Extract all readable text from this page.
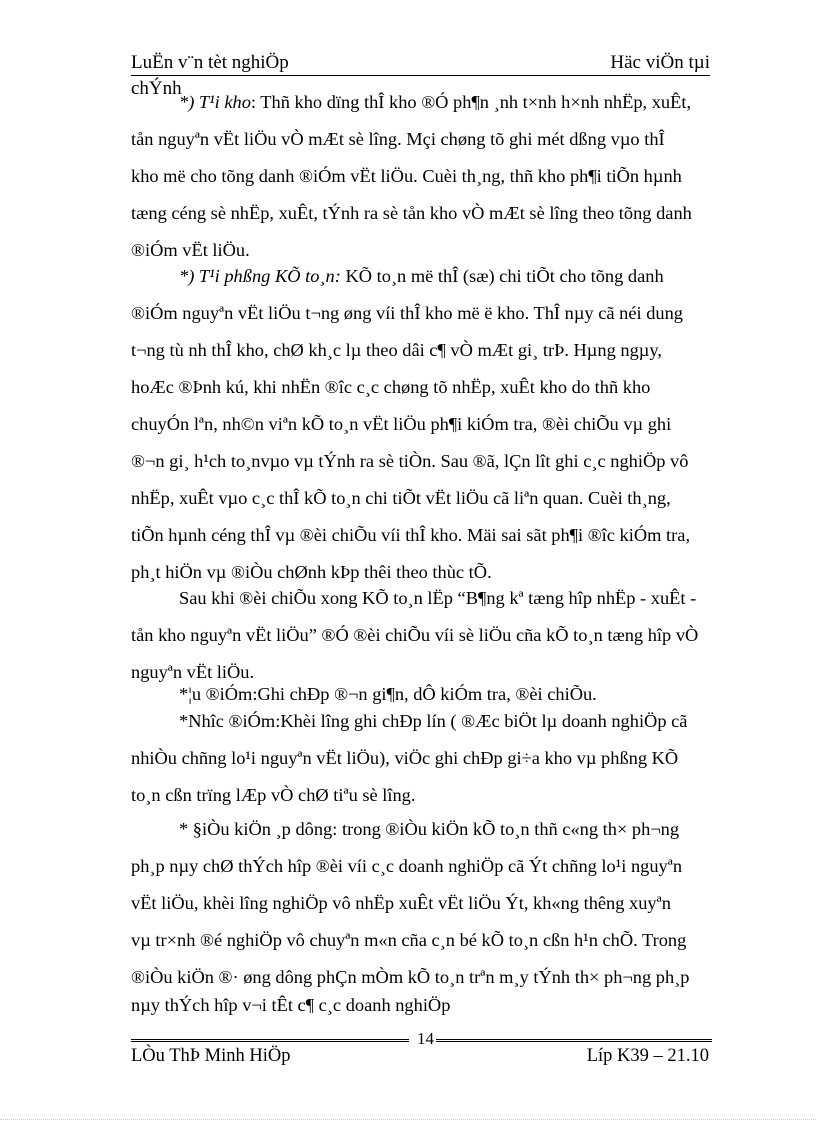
LuËn v¨n tèt nghiÖp	Häc viÖn tµi
chÝnh
*) T¹i kho: Thñ kho dïng thÎ kho ®Ó ph¶n ¸nh t×nh h×nh nhËp, xuÊt,
tån nguyªn vËt liÖu vÒ mÆt sè lîng. Mçi chøng tõ ghi mét dßng vµo thÎ
kho më cho tõng danh ®iÓm vËt liÖu. Cuèi th¸ng, thñ kho ph¶i tiÕn hµnh
tæng céng sè nhËp, xuÊt, tÝnh ra sè tån kho vÒ mÆt sè lîng theo tõng danh
®iÓm vËt liÖu.
*) T¹i phßng KÕ to¸n: KÕ to¸n më thÎ (sæ) chi tiÕt cho tõng danh
®iÓm nguyªn vËt liÖu t¬ng øng víi thÎ kho më ë kho. ThÎ nµy cã néi dung
t¬ng tù nh thÎ kho, chØ kh¸c lµ theo dâi c¶ vÒ mÆt gi¸ trÞ. Hµng ngµy,
hoÆc ®Þnh kú, khi nhËn ®îc c¸c chøng tõ nhËp, xuÊt kho do thñ kho
chuyÓn lªn, nh©n viªn kÕ to¸n vËt liÖu ph¶i kiÓm tra, ®èi chiÕu vµ ghi
®¬n gi¸ h¹ch to¸nvµo vµ tÝnh ra sè tiÒn. Sau ®ã, lÇn lît ghi c¸c nghiÖp vô
nhËp, xuÊt vµo c¸c thÎ kÕ to¸n chi tiÕt vËt liÖu cã liªn quan. Cuèi th¸ng,
tiÕn hµnh céng thÎ vµ ®èi chiÕu víi thÎ kho. Mäi sai sãt ph¶i ®îc kiÓm tra,
ph¸t hiÖn vµ ®iÒu chØnh kÞp thêi theo thùc tÕ.
Sau khi ®èi chiÕu xong KÕ to¸n lËp “B¶ng kª tæng hîp nhËp - xuÊt -
tån kho nguyªn vËt liÖu” ®Ó ®èi chiÕu víi sè liÖu cña kÕ to¸n tæng hîp vÒ
nguyªn vËt liÖu.
*¦u ®iÓm:Ghi chÐp ®¬n gi¶n, dÔ kiÓm tra, ®èi chiÕu.
*Nhîc ®iÓm:Khèi lîng ghi chÐp lín ( ®Æc biÖt lµ doanh nghiÖp cã
nhiÒu chñng lo¹i nguyªn vËt liÖu), viÖc ghi chÐp gi÷a kho vµ phßng KÕ
to¸n cßn trïng lÆp vÒ chØ tiªu sè lîng.
* §iÒu kiÖn ¸p dông: trong ®iÒu kiÖn kÕ to¸n thñ c«ng th× ph¬ng
ph¸p nµy chØ thÝch hîp ®èi víi c¸c doanh nghiÖp cã Ýt chñng lo¹i nguyªn
vËt liÖu, khèi lîng nghiÖp vô nhËp xuÊt vËt liÖu Ýt, kh«ng thêng xuyªn
vµ tr×nh ®é nghiÖp vô chuyªn m«n cña c¸n bé kÕ to¸n cßn h¹n chÕ. Trong
®iÒu kiÖn ®· øng dông phÇn mÒm kÕ to¸n trªn m¸y tÝnh th× ph¬ng ph¸p
nµy thÝch hîp v¬i tÊt c¶ c¸c doanh nghiÖp
14
LÒu ThÞ Minh HiÖp	Líp K39 – 21.10
